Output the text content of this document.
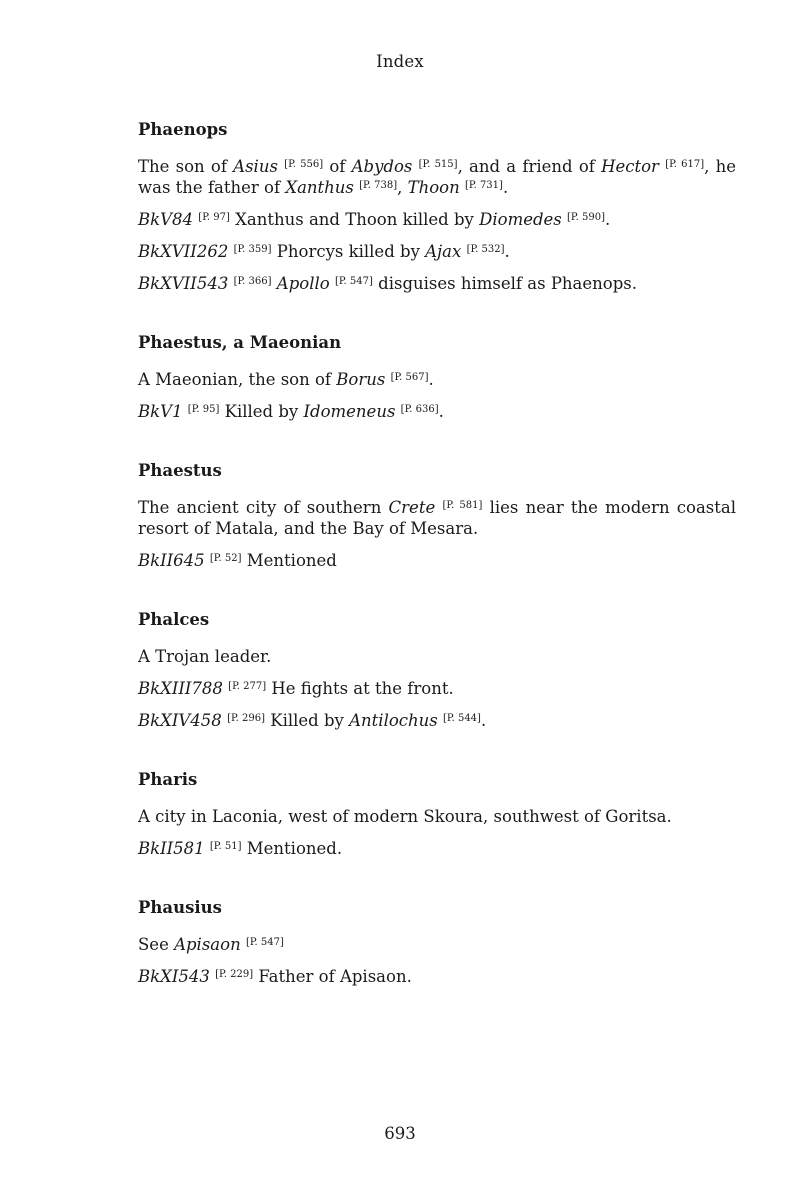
Index
Phaenops
The son of Asius [P. 556] of Abydos [P. 515], and a friend of Hector [P. 617], he was the father of Xanthus [P. 738], Thoon [P. 731].
BkV84 [P. 97] Xanthus and Thoon killed by Diomedes [P. 590].
BkXVII262 [P. 359] Phorcys killed by Ajax [P. 532].
BkXVII543 [P. 366] Apollo [P. 547] disguises himself as Phaenops.
Phaestus, a Maeonian
A Maeonian, the son of Borus [P. 567].
BkV1 [P. 95] Killed by Idomeneus [P. 636].
Phaestus
The ancient city of southern Crete [P. 581] lies near the modern coastal resort of Matala, and the Bay of Mesara.
BkII645 [P. 52] Mentioned
Phalces
A Trojan leader.
BkXIII788 [P. 277] He fights at the front.
BkXIV458 [P. 296] Killed by Antilochus [P. 544].
Pharis
A city in Laconia, west of modern Skoura, southwest of Goritsa.
BkII581 [P. 51] Mentioned.
Phausius
See Apisaon [P. 547]
BkXI543 [P. 229] Father of Apisaon.
693
